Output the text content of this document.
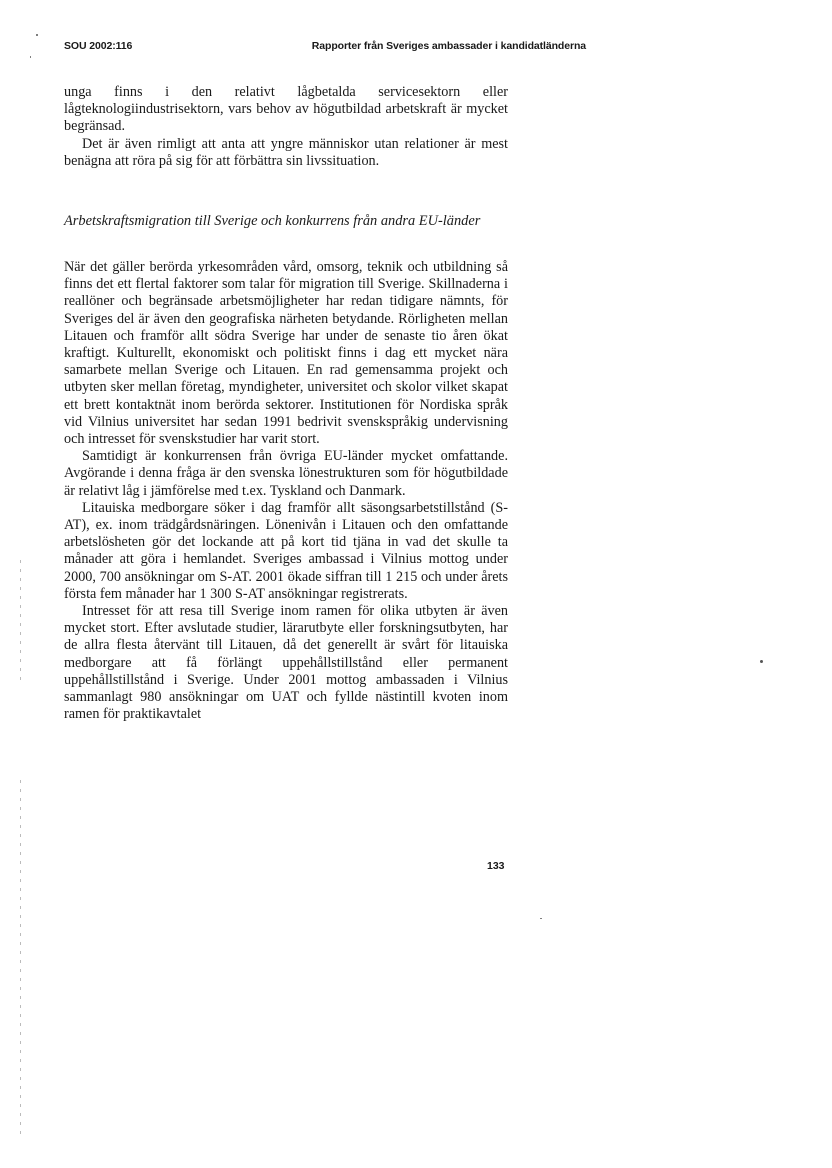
SOU 2002:116	Rapporter från Sveriges ambassader i kandidatländerna

unga finns i den relativt lågbetalda servicesektorn eller lågteknologiindustrisektorn, vars behov av högutbildad arbetskraft är mycket begränsad.

Det är även rimligt att anta att yngre människor utan relationer är mest benägna att röra på sig för att förbättra sin livssituation.

Arbetskraftsmigration till Sverige och konkurrens från andra EU-länder

När det gäller berörda yrkesområden vård, omsorg, teknik och utbildning så finns det ett flertal faktorer som talar för migration till Sverige. Skillnaderna i reallöner och begränsade arbetsmöjligheter har redan tidigare nämnts, för Sveriges del är även den geografiska närheten betydande. Rörligheten mellan Litauen och framför allt södra Sverige har under de senaste tio åren ökat kraftigt. Kulturellt, ekonomiskt och politiskt finns i dag ett mycket nära samarbete mellan Sverige och Litauen. En rad gemensamma projekt och utbyten sker mellan företag, myndigheter, universitet och skolor vilket skapat ett brett kontaktnät inom berörda sektorer. Institutionen för Nordiska språk vid Vilnius universitet har sedan 1991 bedrivit svenskspråkig undervisning och intresset för svenskstudier har varit stort.

Samtidigt är konkurrensen från övriga EU-länder mycket omfattande. Avgörande i denna fråga är den svenska lönestrukturen som för högutbildade är relativt låg i jämförelse med t.ex. Tyskland och Danmark.

Litauiska medborgare söker i dag framför allt säsongsarbetstillstånd (S-AT), ex. inom trädgårdsnäringen. Lönenivån i Litauen och den omfattande arbetslösheten gör det lockande att på kort tid tjäna in vad det skulle ta månader att göra i hemlandet. Sveriges ambassad i Vilnius mottog under 2000, 700 ansökningar om S-AT. 2001 ökade siffran till 1 215 och under årets första fem månader har 1 300 S-AT ansökningar registrerats.

Intresset för att resa till Sverige inom ramen för olika utbyten är även mycket stort. Efter avslutade studier, lärarutbyte eller forskningsutbyten, har de allra flesta återvänt till Litauen, då det generellt är svårt för litauiska medborgare att få förlängt uppehållstillstånd eller permanent uppehållstillstånd i Sverige. Under 2001 mottog ambassaden i Vilnius sammanlagt 980 ansökningar om UAT och fyllde nästintill kvoten inom ramen för praktikavtalet

133
